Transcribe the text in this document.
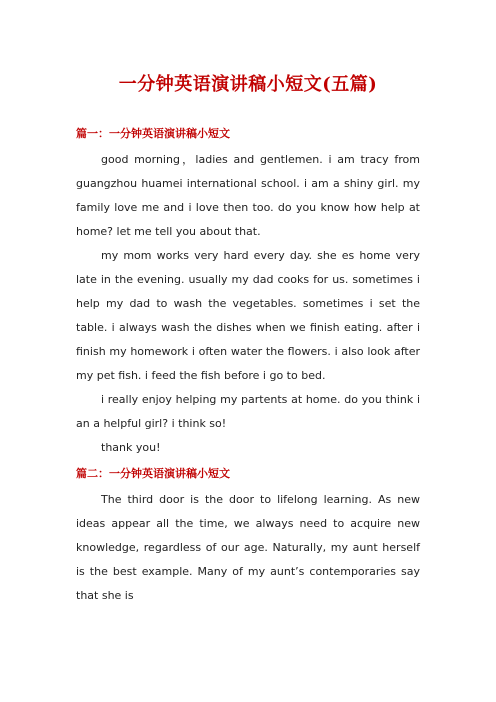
一分钟英语演讲稿小短文(五篇)

篇一：一分钟英语演讲稿小短文

good morning，ladies and gentlemen. i am tracy from guangzhou huamei international school. i am a shiny girl. my family love me and i love then too. do you know how help at home? let me tell you about that.

my mom works very hard every day. she es home very late in the evening. usually my dad cooks for us. sometimes i help my dad to wash the vegetables. sometimes i set the table. i always wash the dishes when we finish eating. after i finish my homework i often water the flowers. i also look after my pet fish. i feed the fish before i go to bed.

i really enjoy helping my partents at home. do you think i an a helpful girl? i think so!

thank you!

篇二：一分钟英语演讲稿小短文

The third door is the door to lifelong learning. As new ideas appear all the time, we always need to acquire new knowledge, regardless of our age. Naturally, my aunt herself is the best example. Many of my aunt’s contemporaries say that she is
